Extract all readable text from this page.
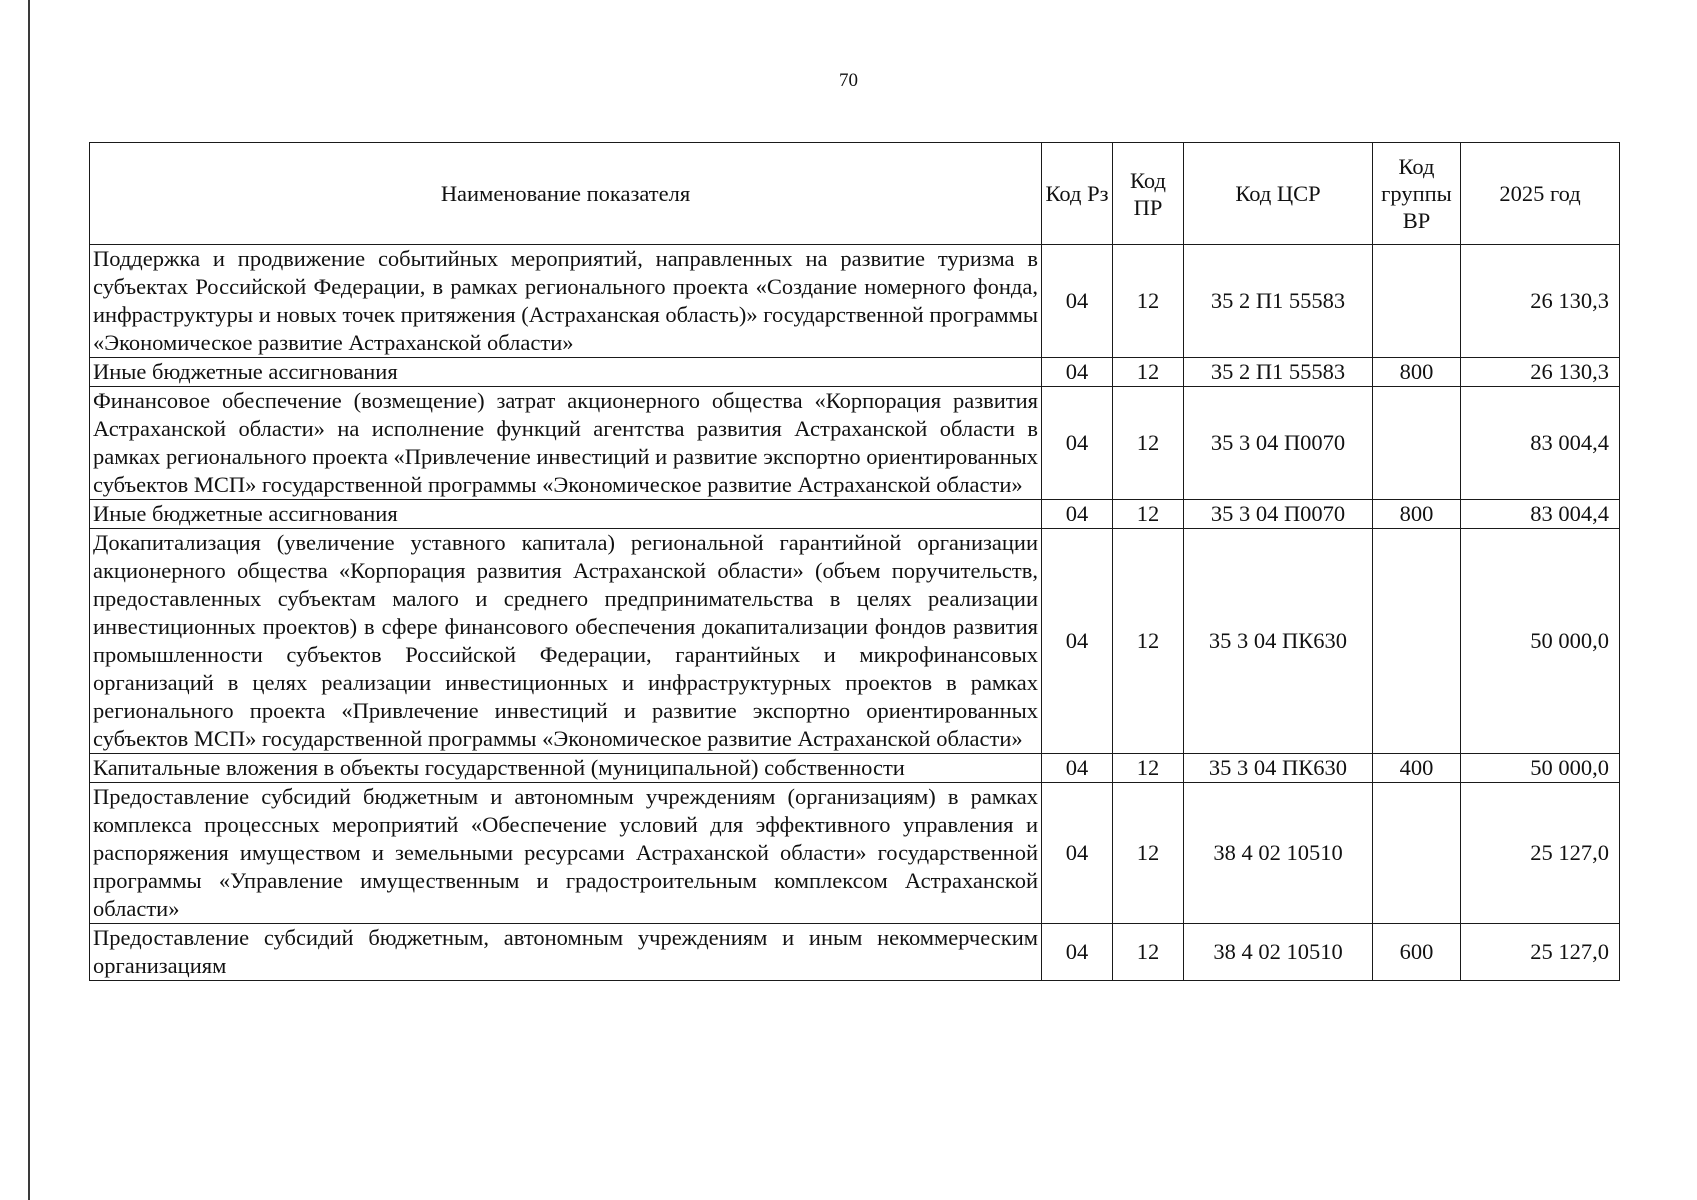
70
Наименование показателя	Код Рз	Код ПР	Код ЦСР	Код группы ВР	2025 год
Поддержка и продвижение событийных мероприятий, направленных на развитие туризма в субъектах Российской Федерации, в рамках регионального проекта «Создание номерного фонда, инфраструктуры и новых точек притяжения (Астраханская область)» государственной программы «Экономическое развитие Астраханской области»	04	12	35 2 П1 55583		26 130,3
Иные бюджетные ассигнования	04	12	35 2 П1 55583	800	26 130,3
Финансовое обеспечение (возмещение) затрат акционерного общества «Корпорация развития Астраханской области» на исполнение функций агентства развития Астраханской области в рамках регионального проекта «Привлечение инвестиций и развитие экспортно ориентированных субъектов МСП» государственной программы «Экономическое развитие Астраханской области»	04	12	35 3 04 П0070		83 004,4
Иные бюджетные ассигнования	04	12	35 3 04 П0070	800	83 004,4
Докапитализация (увеличение уставного капитала) региональной гарантийной организации акционерного общества «Корпорация развития Астраханской области» (объем поручительств, предоставленных субъектам малого и среднего предпринимательства в целях реализации инвестиционных проектов) в сфере финансового обеспечения докапитализации фондов развития промышленности субъектов Российской Федерации, гарантийных и микрофинансовых организаций в целях реализации инвестиционных и инфраструктурных проектов в рамках регионального проекта «Привлечение инвестиций и развитие экспортно ориентированных субъектов МСП» государственной программы «Экономическое развитие Астраханской области»	04	12	35 3 04 ПК630		50 000,0
Капитальные вложения в объекты государственной (муниципальной) собственности	04	12	35 3 04 ПК630	400	50 000,0
Предоставление субсидий бюджетным и автономным учреждениям (организациям) в рамках комплекса процессных мероприятий «Обеспечение условий для эффективного управления и распоряжения имуществом и земельными ресурсами Астраханской области» государственной программы «Управление имущественным и градостроительным комплексом Астраханской области»	04	12	38 4 02 10510		25 127,0
Предоставление субсидий бюджетным, автономным учреждениям и иным некоммерческим организациям	04	12	38 4 02 10510	600	25 127,0
